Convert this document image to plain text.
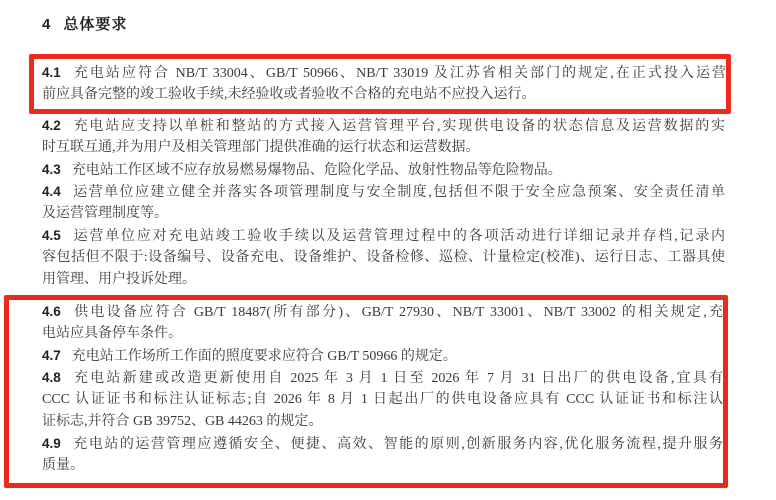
4 总体要求
4.1 充电站应符合 NB/T 33004、GB/T 50966、NB/T 33019 及江苏省相关部门的规定,在正式投入运营
前应具备完整的竣工验收手续,未经验收或者验收不合格的充电站不应投入运行。
4.2 充电站应支持以单桩和整站的方式接入运营管理平台,实现供电设备的状态信息及运营数据的实
时互联互通,并为用户及相关管理部门提供准确的运行状态和运营数据。
4.3 充电站工作区域不应存放易燃易爆物品、危险化学品、放射性物品等危险物品。
4.4 运营单位应建立健全并落实各项管理制度与安全制度,包括但不限于安全应急预案、安全责任清单
及运营管理制度等。
4.5 运营单位应对充电站竣工验收手续以及运营管理过程中的各项活动进行详细记录并存档,记录内
容包括但不限于:设备编号、设备充电、设备维护、设备检修、巡检、计量检定(校准)、运行日志、工器具使
用管理、用户投诉处理。
4.6 供电设备应符合 GB/T 18487(所有部分)、GB/T 27930、NB/T 33001、NB/T 33002 的相关规定,充
电站应具备停车条件。
4.7 充电站工作场所工作面的照度要求应符合 GB/T 50966 的规定。
4.8 充电站新建或改造更新使用自 2025 年 3 月 1 日至 2026 年 7 月 31 日出厂的供电设备,宜具有
CCC 认证证书和标注认证标志;自 2026 年 8 月 1 日起出厂的供电设备应具有 CCC 认证证书和标注认
证标志,并符合 GB 39752、GB 44263 的规定。
4.9 充电站的运营管理应遵循安全、便捷、高效、智能的原则,创新服务内容,优化服务流程,提升服务
质量。
